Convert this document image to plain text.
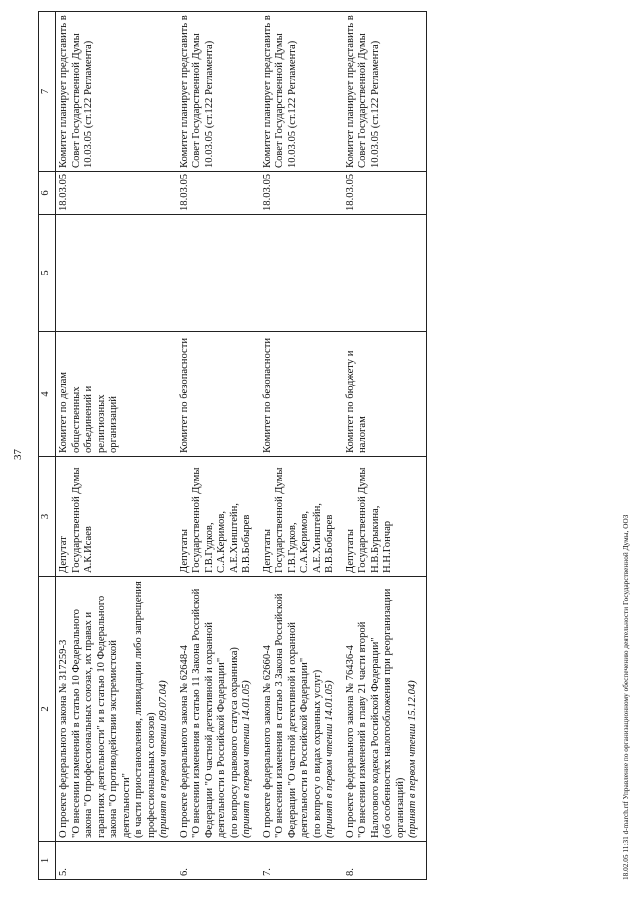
37
1	2	3	4	5	6	7
5.	О проекте федерального закона № 317259-3 "О внесении изменений в статью 10 Федерального закона "О профессиональных союзах, их правах и гарантиях деятельности" и в статью 10 Федерального закона "О противодействии экстремистской деятельности" (в части приостановления, ликвидации либо запрещения профессиональных союзов) (принят в первом чтении 09.07.04)	Депутат Государственной Думы А.К.Исаев	Комитет по делам общественных объединений и религиозных организаций		18.03.05	Комитет планирует представить в Совет Государственной Думы 10.03.05 (ст.122 Регламента)
6.	О проекте федерального закона № 62648-4 "О внесении изменения в статью 11 Закона Российской Федерации "О частной детективной и охранной деятельности в Российской Федерации" (по вопросу правового статуса охранника) (принят в первом чтении 14.01.05)	Депутаты Государственной Думы Г.В.Гудков, С.А.Керимов, А.Е.Хинштейн, В.В.Бобырев	Комитет по безопасности		18.03.05	Комитет планирует представить в Совет Государственной Думы 10.03.05 (ст.122 Регламента)
7.	О проекте федерального закона № 62660-4 "О внесении изменения в статью 3 Закона Российской Федерации "О частной детективной и охранной деятельности в Российской Федерации" (по вопросу о видах охранных услуг) (принят в первом чтении 14.01.05)	Депутаты Государственной Думы Г.В.Гудков, С.А.Керимов, А.Е.Хинштейн, В.В.Бобырев	Комитет по безопасности		18.03.05	Комитет планирует представить в Совет Государственной Думы 10.03.05 (ст.122 Регламента)
8.	О проекте федерального закона № 76436-4 "О внесении изменений в главу 21 части второй Налогового кодекса Российской Федерации" (об особенностях налогообложения при реорганизации организаций) (принят в первом чтении 15.12.04)	Депутаты Государственной Думы Н.В.Бурыкина, Н.Н.Гончар	Комитет по бюджету и налогам		18.03.05	Комитет планирует представить в Совет Государственной Думы 10.03.05 (ст.122 Регламента)
18.02.05 11:31 d-march.rtf Управление по организационному обеспечению деятельности Государственной Думы, ООЗ
